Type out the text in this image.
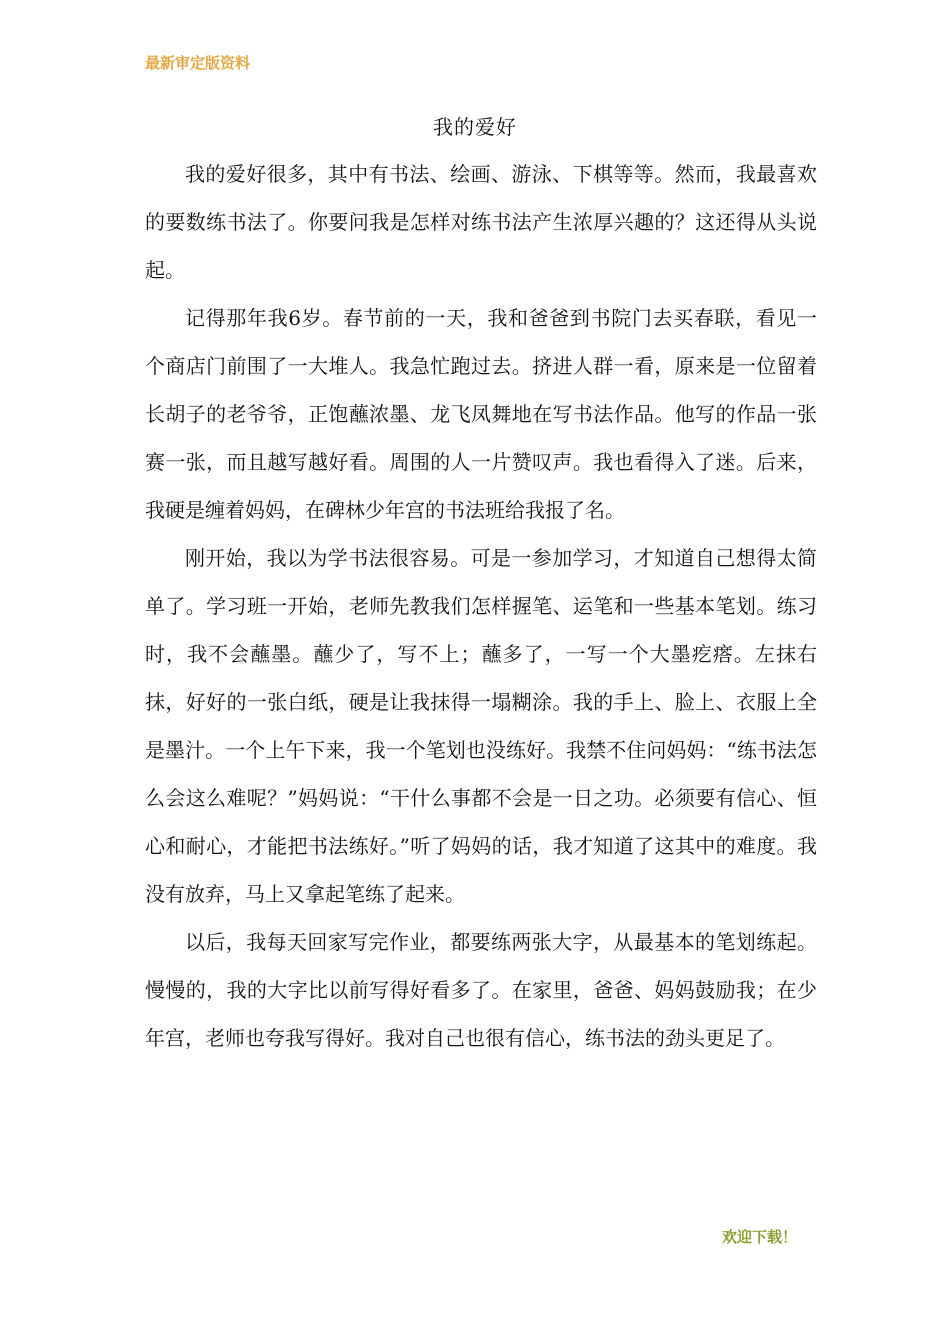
最新审定版资料
我的爱好

我的爱好很多，其中有书法、绘画、游泳、下棋等等。然而，我最喜欢的要数练书法了。你要问我是怎样对练书法产生浓厚兴趣的？这还得从头说起。

记得那年我6岁。春节前的一天，我和爸爸到书院门去买春联，看见一个商店门前围了一大堆人。我急忙跑过去。挤进人群一看，原来是一位留着长胡子的老爷爷，正饱蘸浓墨、龙飞凤舞地在写书法作品。他写的作品一张赛一张，而且越写越好看。周围的人一片赞叹声。我也看得入了迷。后来，我硬是缠着妈妈，在碑林少年宫的书法班给我报了名。

刚开始，我以为学书法很容易。可是一参加学习，才知道自己想得太简单了。学习班一开始，老师先教我们怎样握笔、运笔和一些基本笔划。练习时，我不会蘸墨。蘸少了，写不上；蘸多了，一写一个大墨疙瘩。左抹右抹，好好的一张白纸，硬是让我抹得一塌糊涂。我的手上、脸上、衣服上全是墨汁。一个上午下来，我一个笔划也没练好。我禁不住问妈妈：“练书法怎么会这么难呢？”妈妈说：“干什么事都不会是一日之功。必须要有信心、恒心和耐心，才能把书法练好。”听了妈妈的话，我才知道了这其中的难度。我没有放弃，马上又拿起笔练了起来。

以后，我每天回家写完作业，都要练两张大字，从最基本的笔划练起。慢慢的，我的大字比以前写得好看多了。在家里，爸爸、妈妈鼓励我；在少年宫，老师也夸我写得好。我对自己也很有信心，练书法的劲头更足了。

欢迎下载！
